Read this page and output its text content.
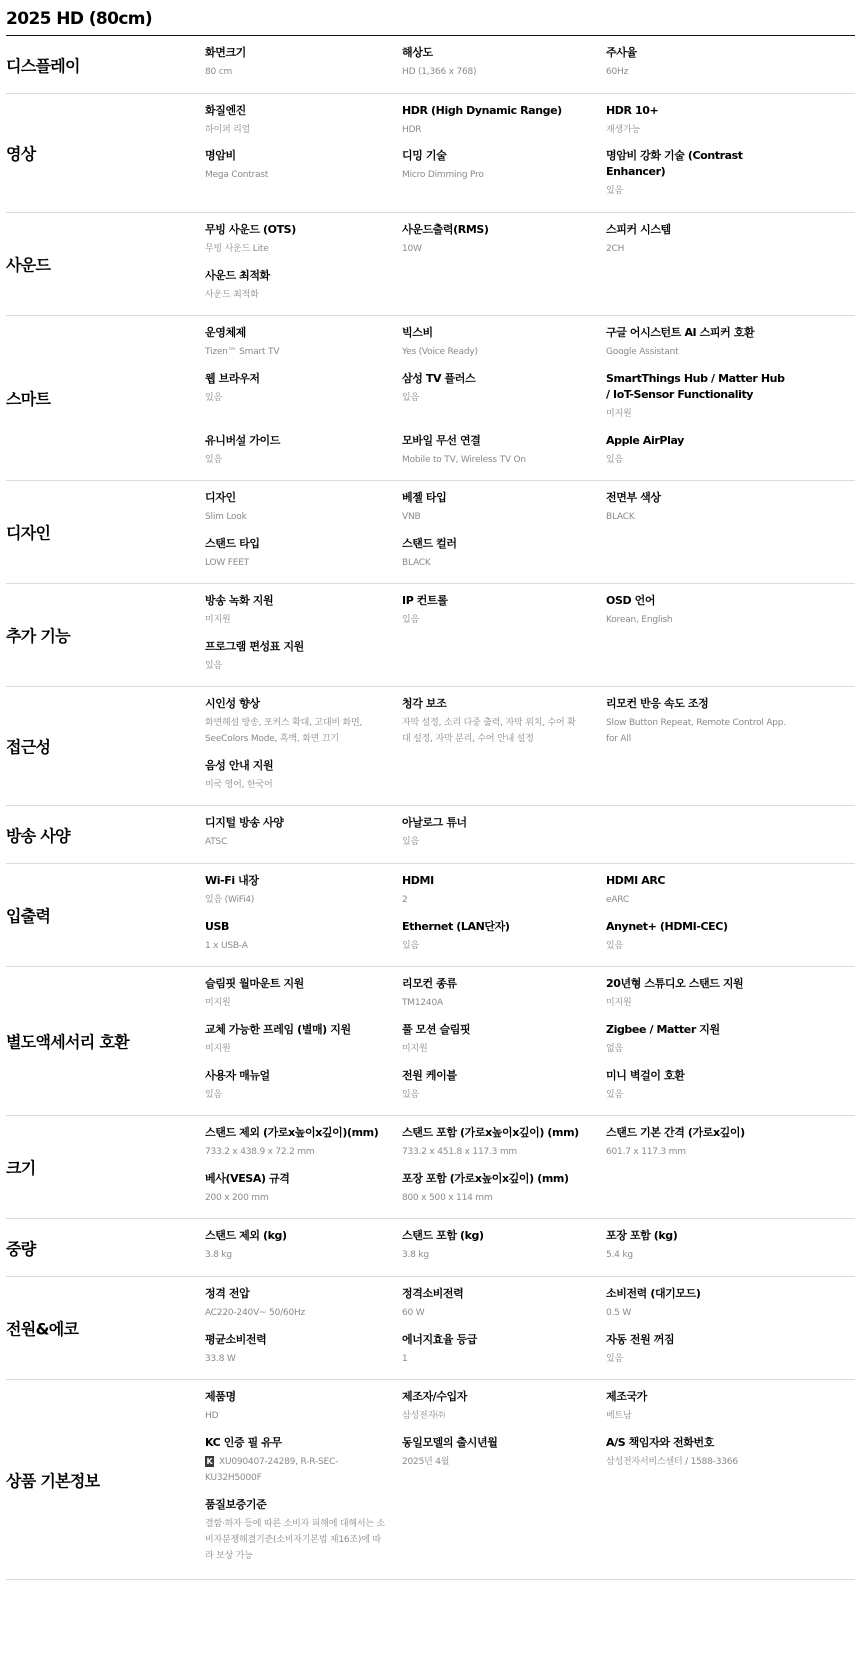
2025 HD (80cm)
디스플레이
화면크기
80 cm
해상도
HD (1,366 x 768)
주사율
60Hz
영상
화질엔진
하이퍼 리얼
HDR (High Dynamic Range)
HDR
HDR 10+
재생가능
명암비
Mega Contrast
디밍 기술
Micro Dimming Pro
명암비 강화 기술 (Contrast Enhancer)
있음
사운드
무빙 사운드 (OTS)
무빙 사운드 Lite
사운드출력(RMS)
10W
스피커 시스템
2CH
사운드 최적화
사운드 최적화
스마트
운영체제
Tizen™ Smart TV
빅스비
Yes (Voice Ready)
구글 어시스턴트 AI 스피커 호환
Google Assistant
웹 브라우저
있음
삼성 TV 플러스
있음
SmartThings Hub / Matter Hub / IoT-Sensor Functionality
미지원
유니버설 가이드
있음
모바일 무선 연결
Mobile to TV, Wireless TV On
Apple AirPlay
있음
디자인
디자인
Slim Look
베젤 타입
VNB
전면부 색상
BLACK
스탠드 타입
LOW FEET
스탠드 컬러
BLACK
추가 기능
방송 녹화 지원
미지원
IP 컨트롤
있음
OSD 언어
Korean, English
프로그램 편성표 지원
있음
접근성
시인성 향상
화면해설 방송, 포커스 확대, 고대비 화면, SeeColors Mode, 흑백, 화면 끄기
청각 보조
자막 설정, 소리 다중 출력, 자막 위치, 수어 확대 설정, 자막 분리, 수어 안내 설정
리모컨 반응 속도 조정
Slow Button Repeat, Remote Control App. for All
음성 안내 지원
미국 영어, 한국어
방송 사양
디지털 방송 사양
ATSC
아날로그 튜너
있음
입출력
Wi-Fi 내장
있음 (WiFi4)
HDMI
2
HDMI ARC
eARC
USB
1 x USB-A
Ethernet (LAN단자)
있음
Anynet+ (HDMI-CEC)
있음
별도액세서리 호환
슬림핏 월마운트 지원
미지원
리모컨 종류
TM1240A
20년형 스튜디오 스탠드 지원
미지원
교체 가능한 프레임 (별매) 지원
미지원
풀 모션 슬림핏
미지원
Zigbee / Matter 지원
없음
사용자 매뉴얼
있음
전원 케이블
있음
미니 벽걸이 호환
있음
크기
스탠드 제외 (가로x높이x깊이)(mm)
733.2 x 438.9 x 72.2 mm
스탠드 포함 (가로x높이x깊이) (mm)
733.2 x 451.8 x 117.3 mm
스탠드 기본 간격 (가로x깊이)
601.7 x 117.3 mm
베사(VESA) 규격
200 x 200 mm
포장 포함 (가로x높이x깊이) (mm)
800 x 500 x 114 mm
중량
스탠드 제외 (kg)
3.8 kg
스탠드 포함 (kg)
3.8 kg
포장 포함 (kg)
5.4 kg
전원&에코
정격 전압
AC220-240V~ 50/60Hz
정격소비전력
60 W
소비전력 (대기모드)
0.5 W
평균소비전력
33.8 W
에너지효율 등급
1
자동 전원 꺼짐
있음
상품 기본정보
제품명
HD
제조자/수입자
삼성전자㈜
제조국가
베트남
KC 인증 필 유무
K XU090407-24289, R-R-SEC-KU32H5000F
동일모델의 출시년월
2025년 4월
A/S 책임자와 전화번호
삼성전자서비스센터 / 1588-3366
품질보증기준
결함·하자 등에 따른 소비자 피해에 대해서는 소비자분쟁해결기준(소비자기본법 제16조)에 따라 보상 가능
